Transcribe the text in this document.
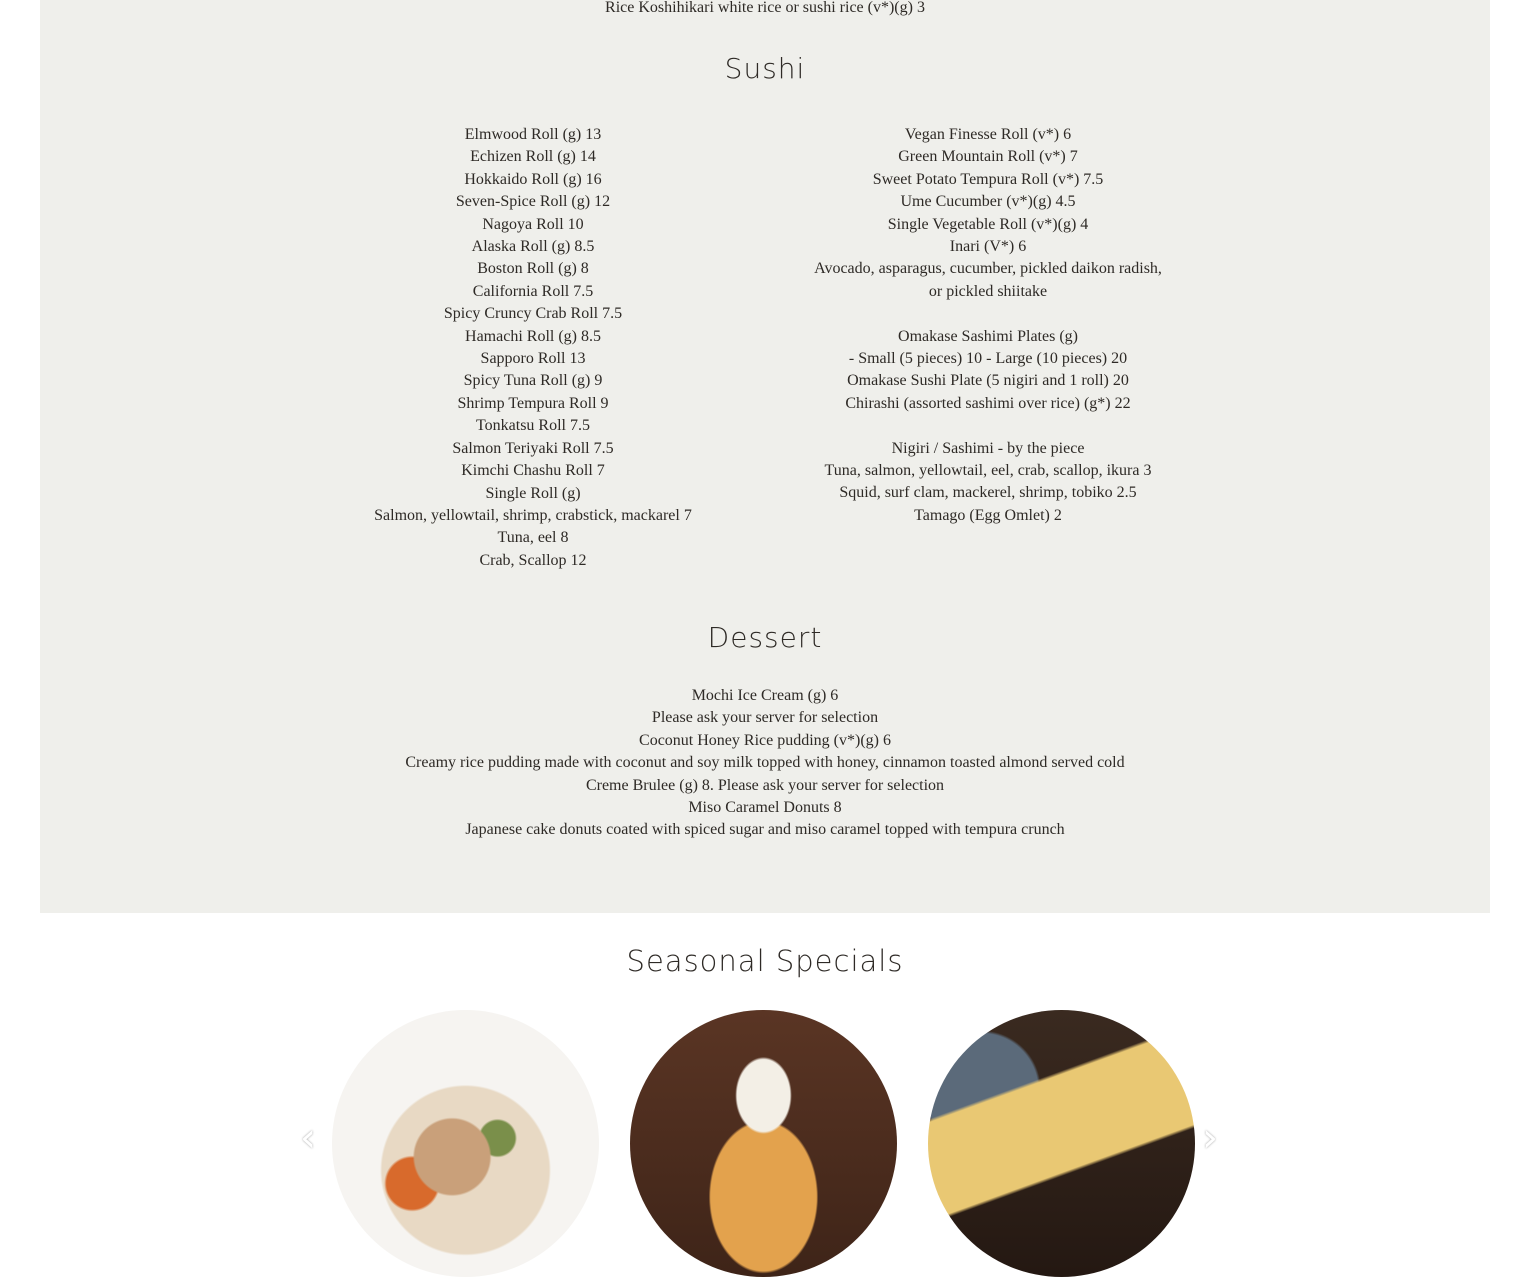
Rice Koshihikari white rice or sushi rice (v*)(g) 3
Sushi
Elmwood Roll (g) 13
Echizen Roll (g) 14
Hokkaido Roll (g) 16
Seven-Spice Roll (g) 12
Nagoya Roll 10
Alaska Roll (g) 8.5
Boston Roll (g) 8
California Roll 7.5
Spicy Cruncy Crab Roll 7.5
Hamachi Roll (g) 8.5
Sapporo Roll 13
Spicy Tuna Roll (g) 9
Shrimp Tempura Roll 9
Tonkatsu Roll 7.5
Salmon Teriyaki Roll 7.5
Kimchi Chashu Roll 7
Single Roll (g)
Salmon, yellowtail, shrimp, crabstick, mackarel 7
Tuna, eel 8
Crab, Scallop 12
Vegan Finesse Roll (v*) 6
Green Mountain Roll (v*) 7
Sweet Potato Tempura Roll (v*) 7.5
Ume Cucumber (v*)(g) 4.5
Single Vegetable Roll (v*)(g) 4
Inari (V*) 6
Avocado, asparagus, cucumber, pickled daikon radish,
or pickled shiitake
Omakase Sashimi Plates (g)
- Small (5 pieces) 10 - Large (10 pieces) 20
Omakase Sushi Plate (5 nigiri and 1 roll) 20
Chirashi (assorted sashimi over rice) (g*) 22
Nigiri / Sashimi - by the piece
Tuna, salmon, yellowtail, eel, crab, scallop, ikura 3
Squid, surf clam, mackerel, shrimp, tobiko 2.5
Tamago (Egg Omlet) 2
Dessert
Mochi Ice Cream (g) 6
Please ask your server for selection
Coconut Honey Rice pudding (v*)(g) 6
Creamy rice pudding made with coconut and soy milk topped with honey, cinnamon toasted almond served cold
Creme Brulee (g) 8. Please ask your server for selection
Miso Caramel Donuts 8
Japanese cake donuts coated with spiced sugar and miso caramel topped with tempura crunch
Seasonal Specials
‹	›
